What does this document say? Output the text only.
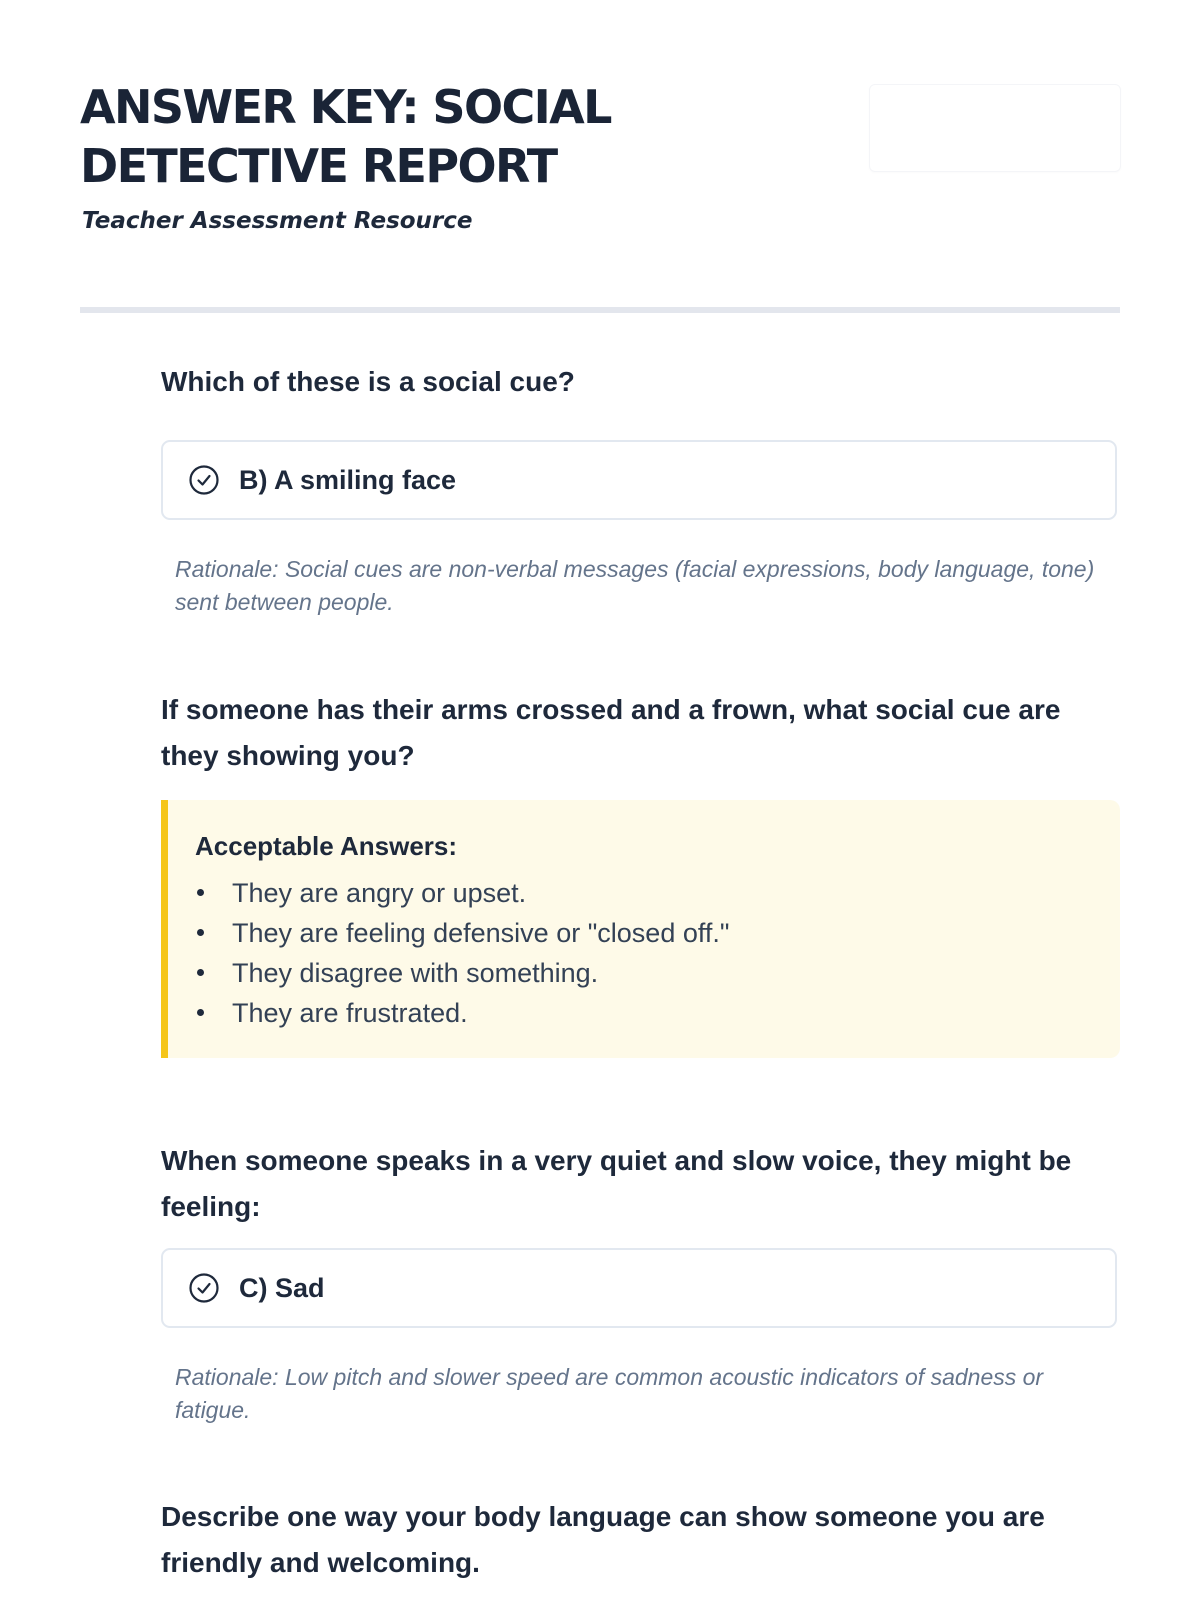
ANSWER KEY: SOCIAL DETECTIVE REPORT

Teacher Assessment Resource

Which of these is a social cue?
B) A smiling face

Rationale: Social cues are non-verbal messages (facial expressions, body language, tone) sent between people.

If someone has their arms crossed and a frown, what social cue are they showing you?

Acceptable Answers:

They are angry or upset.
They are feeling defensive or "closed off."
They disagree with something.
They are frustrated.
When someone speaks in a very quiet and slow voice, they might be feeling:
C) Sad

Rationale: Low pitch and slower speed are common acoustic indicators of sadness or fatigue.

Describe one way your body language can show someone you are friendly and welcoming.
